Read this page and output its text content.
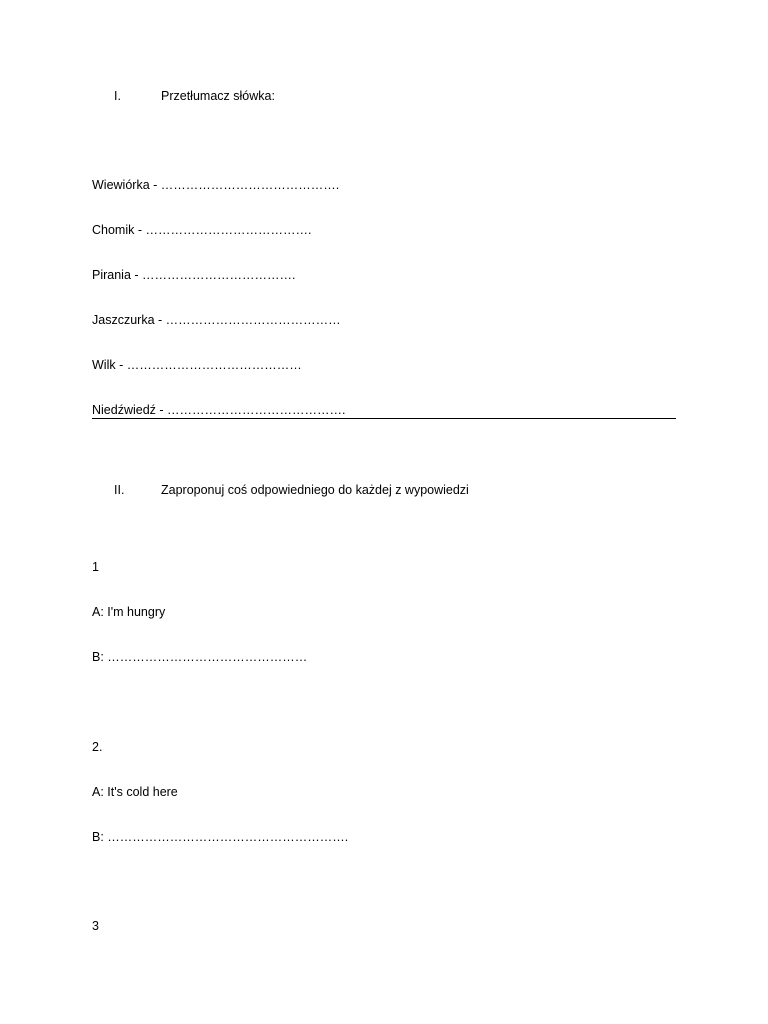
I.	Przetłumacz słówka:
Wiewiórka - …………………………………….
Chomik - ………………………………….
Pirania - ……………………………….
Jaszczurka - ……………………………………
Wilk - ……………………………………
Niedźwiedź - …………………………………….
II.	Zaproponuj coś odpowiedniego do każdej z wypowiedzi
1
A: I'm hungry
B: …………………………………………
2.
A: It's cold here
B: ………………………………………………….
3
